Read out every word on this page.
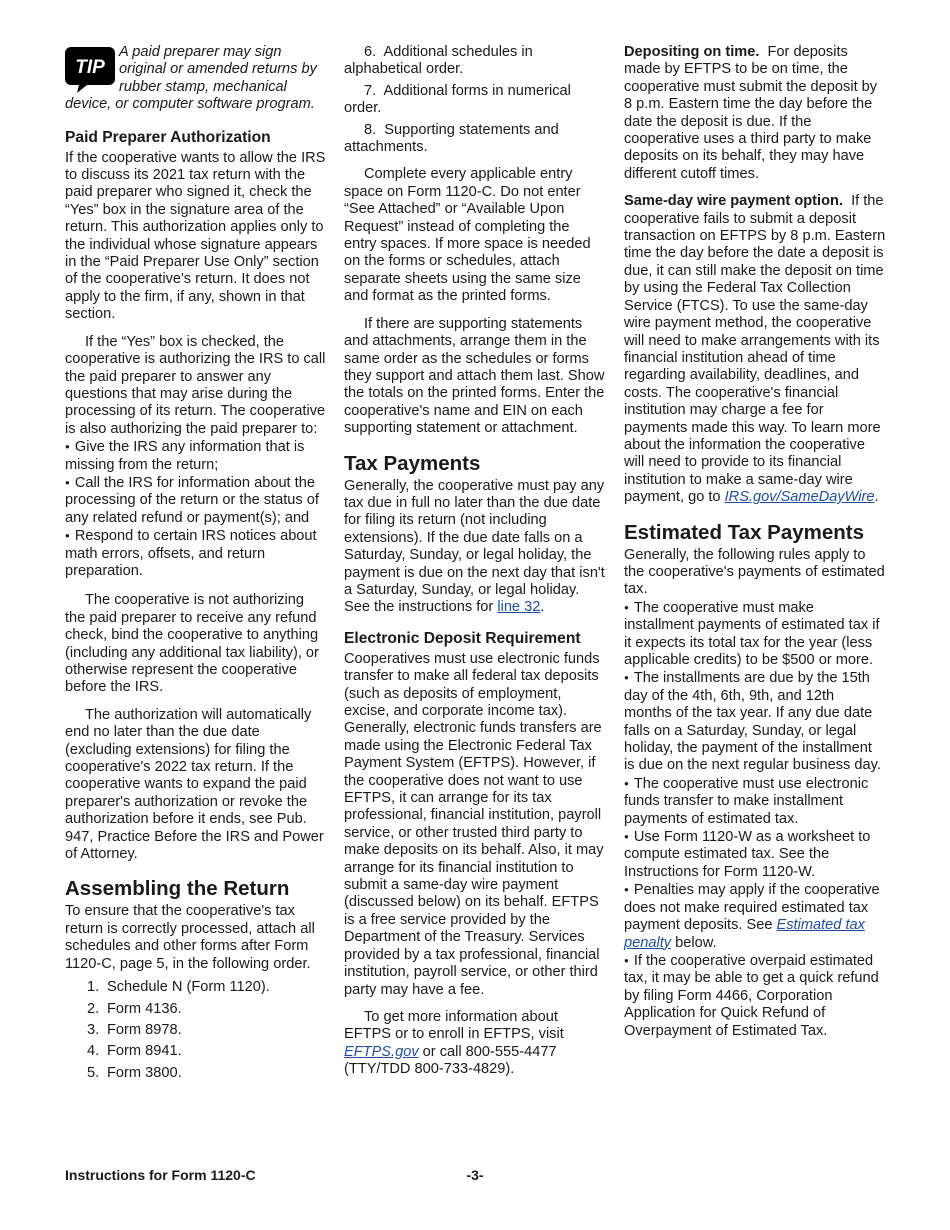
TIP
A paid preparer may sign original or amended returns by rubber stamp, mechanical device, or computer software program.
Paid Preparer Authorization

If the cooperative wants to allow the IRS to discuss its 2021 tax return with the paid preparer who signed it, check the “Yes” box in the signature area of the return. This authorization applies only to the individual whose signature appears in the “Paid Preparer Use Only” section of the cooperative's return. It does not apply to the firm, if any, shown in that section.

If the “Yes” box is checked, the cooperative is authorizing the IRS to call the paid preparer to answer any questions that may arise during the processing of its return. The cooperative is also authorizing the paid preparer to:

● Give the IRS any information that is missing from the return;
● Call the IRS for information about the processing of the return or the status of any related refund or payment(s); and
● Respond to certain IRS notices about math errors, offsets, and return preparation.

The cooperative is not authorizing the paid preparer to receive any refund check, bind the cooperative to anything (including any additional tax liability), or otherwise represent the cooperative before the IRS.

The authorization will automatically end no later than the due date (excluding extensions) for filing the cooperative's 2022 tax return. If the cooperative wants to expand the paid preparer's authorization or revoke the authorization before it ends, see Pub. 947, Practice Before the IRS and Power of Attorney.

Assembling the Return

To ensure that the cooperative's tax return is correctly processed, attach all schedules and other forms after Form 1120-C, page 5, in the following order.

1. Schedule N (Form 1120).
2. Form 4136.
3. Form 8978.
4. Form 8941.
5. Form 3800.
6. Additional schedules in alphabetical order.
7. Additional forms in numerical order.
8. Supporting statements and attachments.

Complete every applicable entry space on Form 1120-C. Do not enter “See Attached” or “Available Upon Request” instead of completing the entry spaces. If more space is needed on the forms or schedules, attach separate sheets using the same size and format as the printed forms.

If there are supporting statements and attachments, arrange them in the same order as the schedules or forms they support and attach them last. Show the totals on the printed forms. Enter the cooperative's name and EIN on each supporting statement or attachment.

Tax Payments

Generally, the cooperative must pay any tax due in full no later than the due date for filing its return (not including extensions). If the due date falls on a Saturday, Sunday, or legal holiday, the payment is due on the next day that isn't a Saturday, Sunday, or legal holiday. See the instructions for line 32.

Electronic Deposit Requirement

Cooperatives must use electronic funds transfer to make all federal tax deposits (such as deposits of employment, excise, and corporate income tax). Generally, electronic funds transfers are made using the Electronic Federal Tax Payment System (EFTPS). However, if the cooperative does not want to use EFTPS, it can arrange for its tax professional, financial institution, payroll service, or other trusted third party to make deposits on its behalf. Also, it may arrange for its financial institution to submit a same-day wire payment (discussed below) on its behalf. EFTPS is a free service provided by the Department of the Treasury. Services provided by a tax professional, financial institution, payroll service, or other third party may have a fee.

To get more information about EFTPS or to enroll in EFTPS, visit EFTPS.gov or call 800-555-4477 (TTY/TDD 800-733-4829).

Depositing on time. For deposits made by EFTPS to be on time, the cooperative must submit the deposit by 8 p.m. Eastern time the day before the date the deposit is due. If the cooperative uses a third party to make deposits on its behalf, they may have different cutoff times.

Same-day wire payment option. If the cooperative fails to submit a deposit transaction on EFTPS by 8 p.m. Eastern time the day before the date a deposit is due, it can still make the deposit on time by using the Federal Tax Collection Service (FTCS). To use the same-day wire payment method, the cooperative will need to make arrangements with its financial institution ahead of time regarding availability, deadlines, and costs. The cooperative's financial institution may charge a fee for payments made this way. To learn more about the information the cooperative will need to provide to its financial institution to make a same-day wire payment, go to IRS.gov/SameDayWire.

Estimated Tax Payments

Generally, the following rules apply to the cooperative's payments of estimated tax.

● The cooperative must make installment payments of estimated tax if it expects its total tax for the year (less applicable credits) to be $500 or more.
● The installments are due by the 15th day of the 4th, 6th, 9th, and 12th months of the tax year. If any due date falls on a Saturday, Sunday, or legal holiday, the payment of the installment is due on the next regular business day.
● The cooperative must use electronic funds transfer to make installment payments of estimated tax.
● Use Form 1120-W as a worksheet to compute estimated tax. See the Instructions for Form 1120-W.
● Penalties may apply if the cooperative does not make required estimated tax payment deposits. See Estimated tax penalty below.
● If the cooperative overpaid estimated tax, it may be able to get a quick refund by filing Form 4466, Corporation Application for Quick Refund of Overpayment of Estimated Tax.
Instructions for Form 1120-C	-3-
